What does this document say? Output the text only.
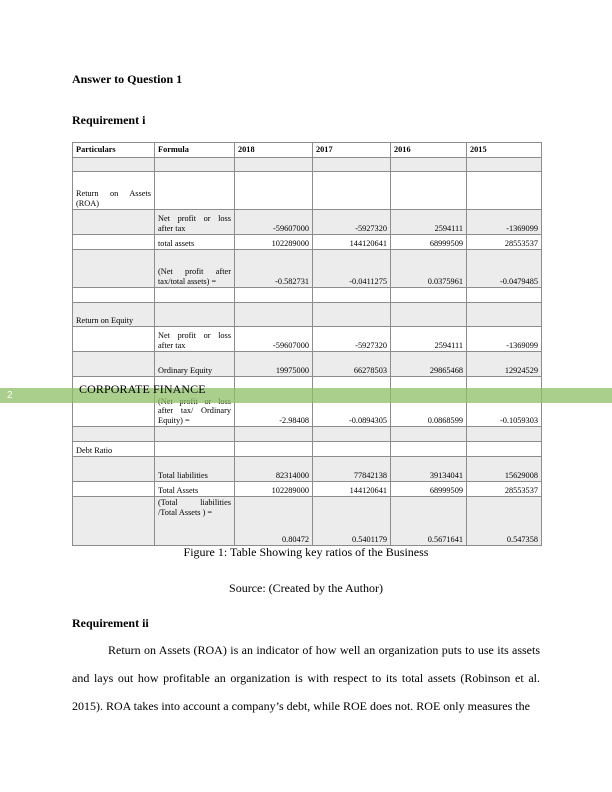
Answer to Question 1
Requirement i
Particulars	Formula	2018	2017	2016	2015

Return on Assets (ROA)					
	Net profit or loss after tax	-59607000	-5927320	2594111	-1369099
	total assets	102289000	144120641	68999509	28553537
	(Net profit after tax/total assets) =	-0.582731	-0.0411275	0.0375961	-0.0479485

Return on Equity					
	Net profit or loss after tax	-59607000	-5927320	2594111	-1369099
	Ordinary Equity	19975000	66278503	29865468	12924529
	after tax/ Ordinary Equity) =	-2.98408	-0.0894305	0.0868599	-0.1059303

Debt Ratio					
	Total liabilities	82314000	77842138	39134041	15629008
	Total Assets	102289000	144120641	68999509	28553537
	(Total liabilities /Total Assets ) =	0.80472	0.5401179	0.5671641	0.547358
2	CORPORATE FINANCE
Figure 1: Table Showing key ratios of the Business
Source: (Created by the Author)
Requirement ii
Return on Assets (ROA) is an indicator of how well an organization puts to use its assets and lays out how profitable an organization is with respect to its total assets (Robinson et al. 2015). ROA takes into account a company’s debt, while ROE does not. ROE only measures the
